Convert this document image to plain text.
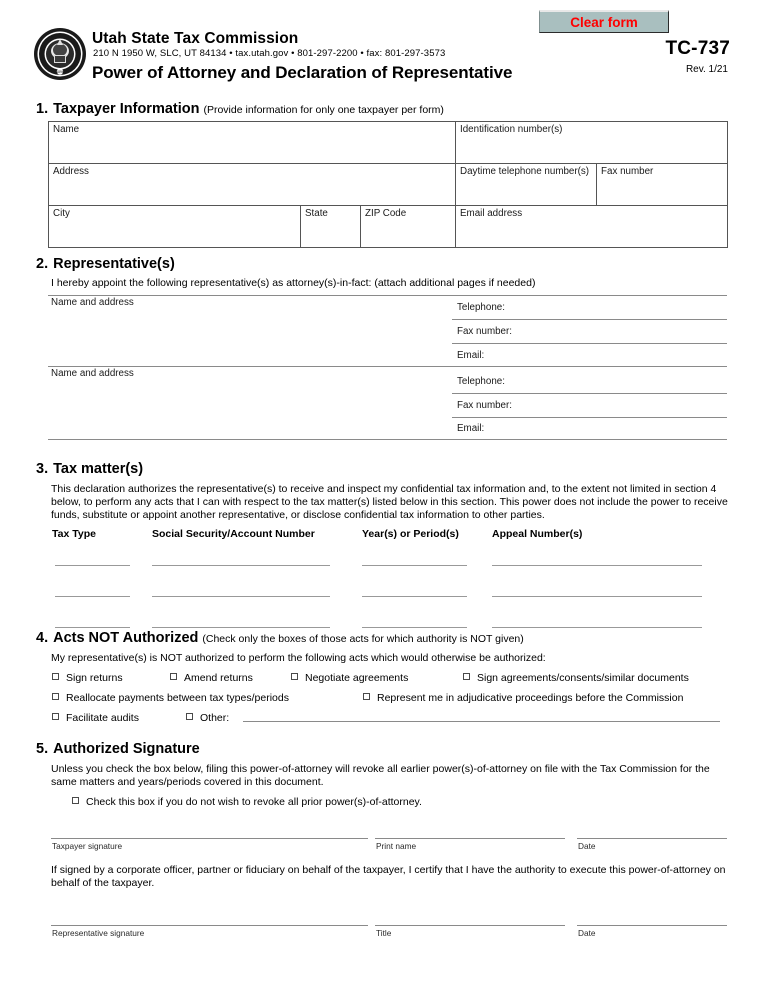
1896
Utah State Tax Commission
210 N 1950 W, SLC, UT 84134 • tax.utah.gov • 801-297-2200 • fax: 801-297-3573
Power of Attorney and Declaration of Representative
TC-737
Rev. 1/21
Clear form
1. Taxpayer Information (Provide information for only one taxpayer per form)
Name			Identification number(s)	
Address			Daytime telephone number(s)	Fax number
City	State	ZIP Code	Email address	
2. Representative(s)
I hereby appoint the following representative(s) as attorney(s)-in-fact: (attach additional pages if needed)
Name and address	Telephone:
Fax number:
Email:
Name and address
Telephone:
Fax number:
Email:
3. Tax matter(s)
This declaration authorizes the representative(s) to receive and inspect my confidential tax information and, to the extent not limited in section 4 below, to perform any acts that I can with respect to the tax matter(s) listed below in this section. This power does not include the power to receive funds, substitute or appoint another representative, or disclose confidential tax information to other parties.
Tax Type	Social Security/Account Number	Year(s) or Period(s)	Appeal Number(s)
4. Acts NOT Authorized (Check only the boxes of those acts for which authority is NOT given)
My representative(s) is NOT authorized to perform the following acts which would otherwise be authorized:
Sign returns	Amend returns	Negotiate agreements	Sign agreements/consents/similar documents
Reallocate payments between tax types/periods	Represent me in adjudicative proceedings before the Commission
Facilitate audits	Other:
5. Authorized Signature
Unless you check the box below, filing this power-of-attorney will revoke all earlier power(s)-of-attorney on file with the Tax Commission for the same matters and years/periods covered in this document.
Check this box if you do not wish to revoke all prior power(s)-of-attorney.
Taxpayer signature	Print name	Date
If signed by a corporate officer, partner or fiduciary on behalf of the taxpayer, I certify that I have the authority to execute this power-of-attorney on behalf of the taxpayer.
Representative signature	Title	Date
